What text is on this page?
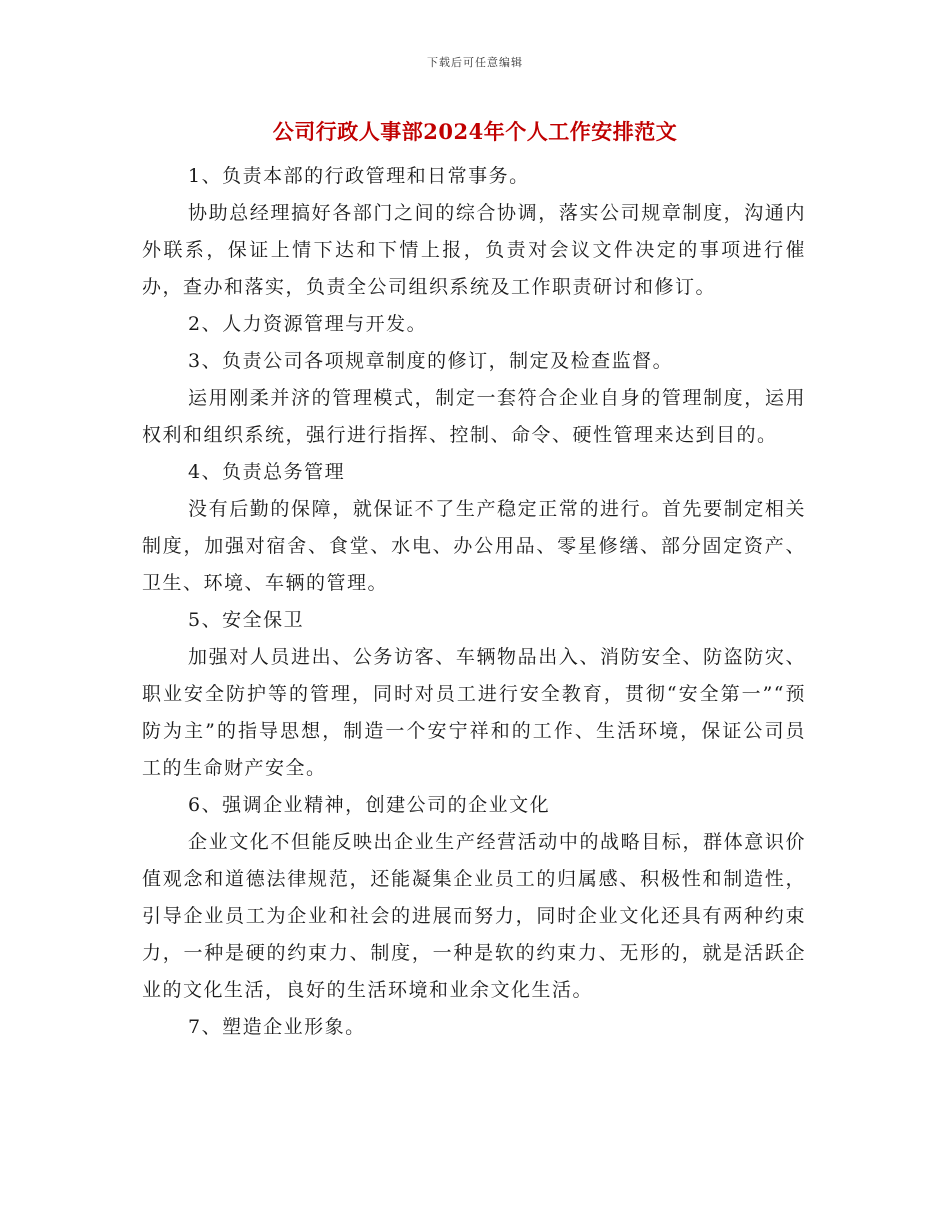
下载后可任意编辑
公司行政人事部2024年个人工作安排范文

1、负责本部的行政管理和日常事务。

协助总经理搞好各部门之间的综合协调，落实公司规章制度，沟通内外联系，保证上情下达和下情上报，负责对会议文件决定的事项进行催办，查办和落实，负责全公司组织系统及工作职责研讨和修订。

2、人力资源管理与开发。

3、负责公司各项规章制度的修订，制定及检查监督。

运用刚柔并济的管理模式，制定一套符合企业自身的管理制度，运用权利和组织系统，强行进行指挥、控制、命令、硬性管理来达到目的。

4、负责总务管理

没有后勤的保障，就保证不了生产稳定正常的进行。首先要制定相关制度，加强对宿舍、食堂、水电、办公用品、零星修缮、部分固定资产、卫生、环境、车辆的管理。

5、安全保卫

加强对人员进出、公务访客、车辆物品出入、消防安全、防盗防灾、职业安全防护等的管理，同时对员工进行安全教育，贯彻“安全第一”“预防为主”的指导思想，制造一个安宁祥和的工作、生活环境，保证公司员工的生命财产安全。

6、强调企业精神，创建公司的企业文化

企业文化不但能反映出企业生产经营活动中的战略目标，群体意识价值观念和道德法律规范，还能凝集企业员工的归属感、积极性和制造性，引导企业员工为企业和社会的进展而努力，同时企业文化还具有两种约束力，一种是硬的约束力、制度，一种是软的约束力、无形的，就是活跃企业的文化生活，良好的生活环境和业余文化生活。

7、塑造企业形象。
